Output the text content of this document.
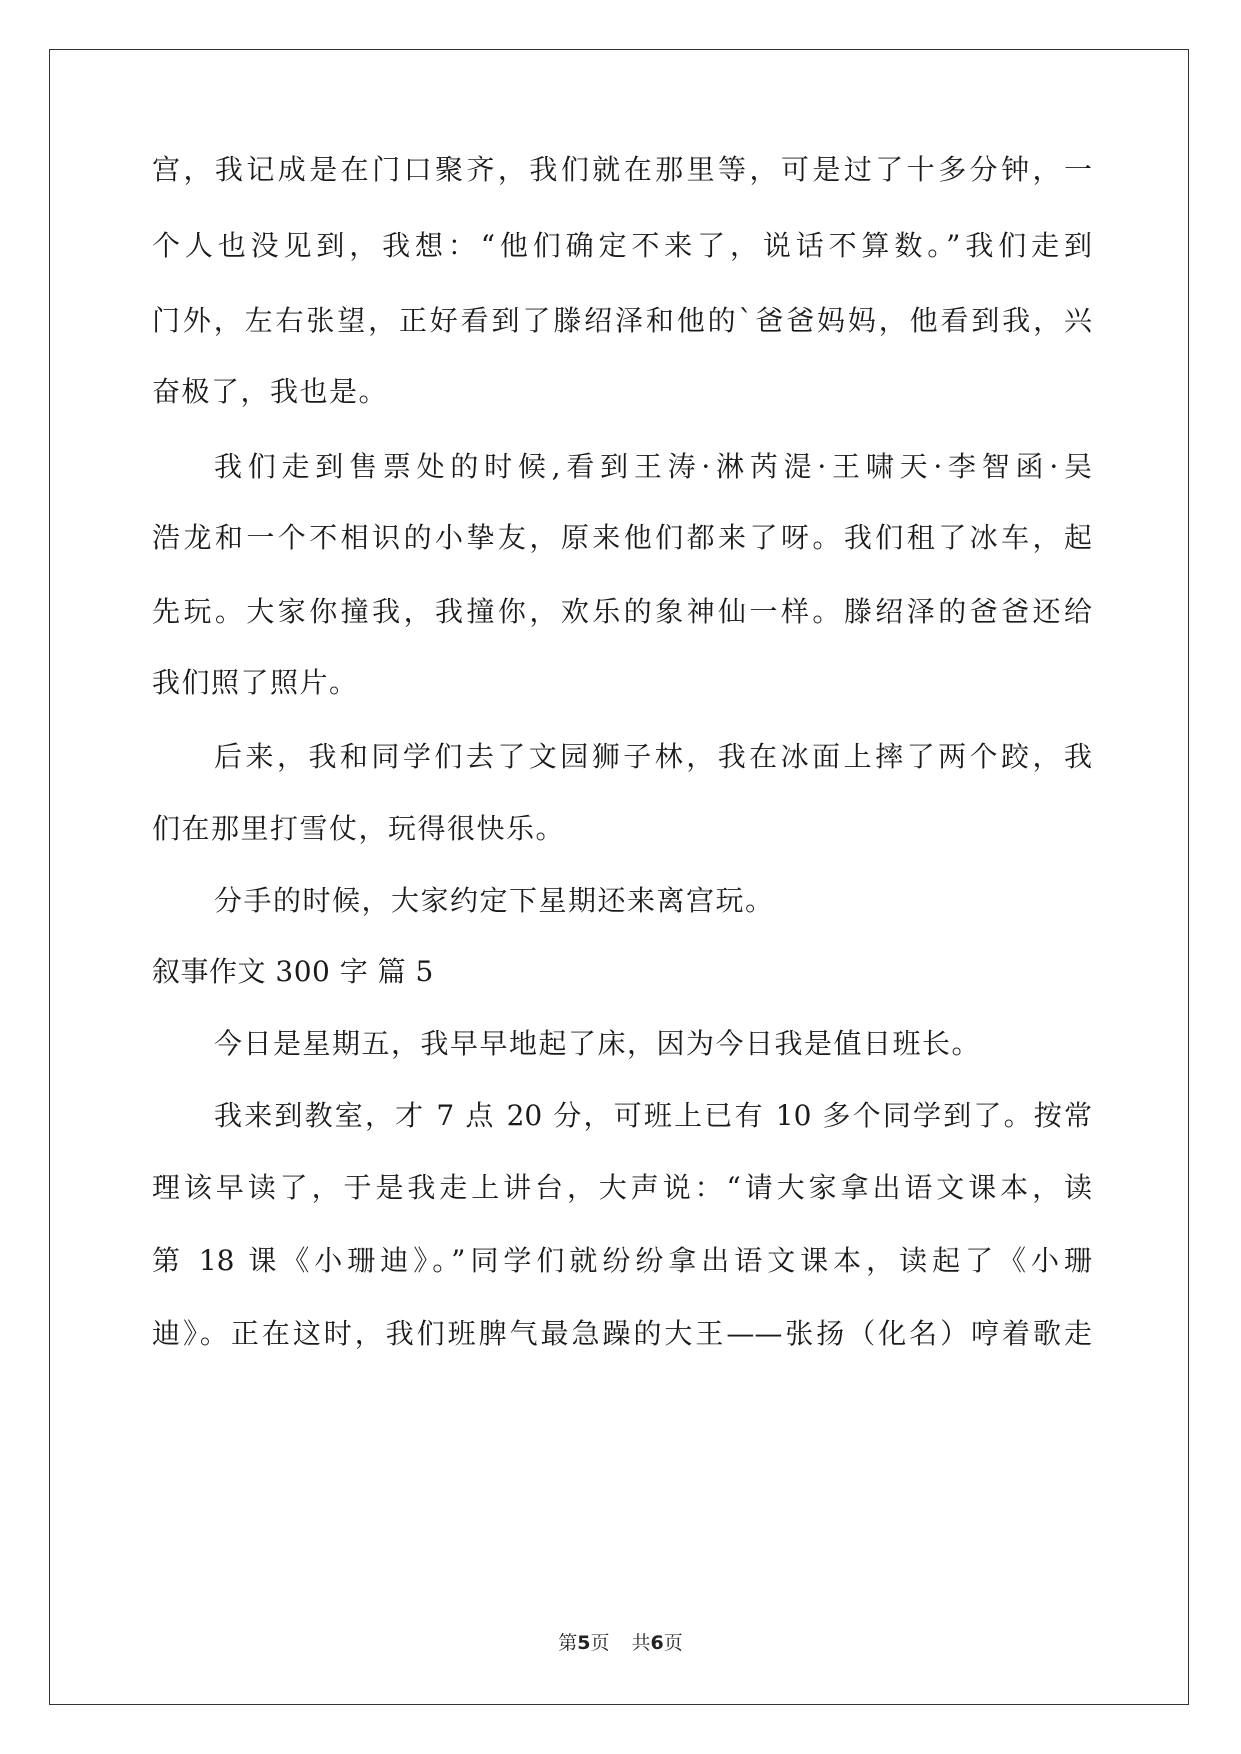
宫，我记成是在门口聚齐，我们就在那里等，可是过了十多分钟，一
个人也没见到，我想：“他们确定不来了，说话不算数。”我们走到
门外，左右张望，正好看到了滕绍泽和他的`爸爸妈妈，他看到我，兴
奋极了，我也是。
我们走到售票处的时候,看到王涛·淋芮湜·王啸天·李智函·吴
浩龙和一个不相识的小挚友，原来他们都来了呀。我们租了冰车，起
先玩。大家你撞我，我撞你，欢乐的象神仙一样。滕绍泽的爸爸还给
我们照了照片。
后来，我和同学们去了文园狮子林，我在冰面上摔了两个跤，我
们在那里打雪仗，玩得很快乐。
分手的时候，大家约定下星期还来离宫玩。
叙事作文 300 字 篇 5
今日是星期五，我早早地起了床，因为今日我是值日班长。
我来到教室，才 7 点 20 分，可班上已有 10 多个同学到了。按常
理该早读了，于是我走上讲台，大声说：“请大家拿出语文课本，读
第 18 课《小珊迪》。”同学们就纷纷拿出语文课本，读起了《小珊
迪》。正在这时，我们班脾气最急躁的大王——张扬（化名）哼着歌走
第5页 共6页
